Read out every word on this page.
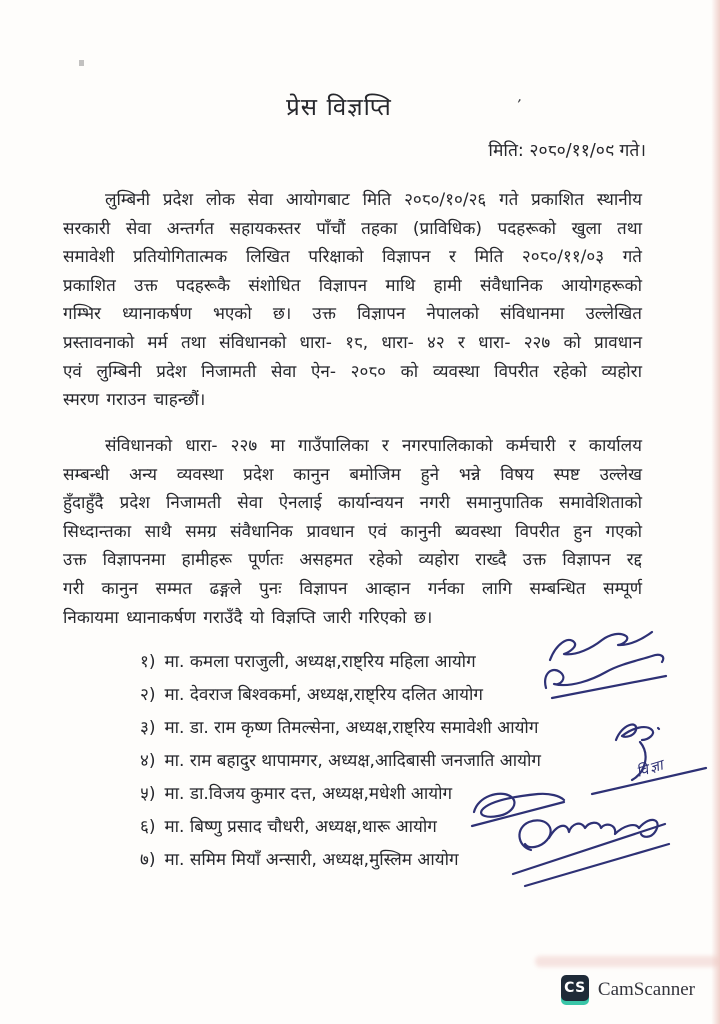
’
प्रेस विज्ञप्ति
मिति: २०८०/११/०९ गते।
लुम्बिनी प्रदेश लोक सेवा आयोगबाट मिति २०८०/१०/२६ गते प्रकाशित स्थानीय
सरकारी सेवा अन्तर्गत सहायकस्तर पाँचौं तहका (प्राविधिक) पदहरूको खुला तथा
समावेशी प्रतियोगितात्मक लिखित परिक्षाको विज्ञापन र मिति २०८०/११/०३ गते
प्रकाशित उक्त पदहरूकै संशोधित विज्ञापन माथि हामी संवैधानिक आयोगहरूको
गम्भिर ध्यानाकर्षण भएको छ। उक्त विज्ञापन नेपालको संविधानमा उल्लेखित
प्रस्तावनाको मर्म तथा संविधानको धारा- १८, धारा- ४२ र धारा- २२७ को प्रावधान
एवं लुम्बिनी प्रदेश निजामती सेवा ऐन- २०८० को व्यवस्था विपरीत रहेको व्यहोरा
स्मरण गराउन चाहन्छौं।
संविधानको धारा- २२७ मा गाउँपालिका र नगरपालिकाको कर्मचारी र कार्यालय
सम्बन्धी अन्य व्यवस्था प्रदेश कानुन बमोजिम हुने भन्ने विषय स्पष्ट उल्लेख
हुँदाहुँदै प्रदेश निजामती सेवा ऐनलाई कार्यान्वयन नगरी समानुपातिक समावेशिताको
सिध्दान्तका साथै समग्र संवैधानिक प्रावधान एवं कानुनी ब्यवस्था विपरीत हुन गएको
उक्त विज्ञापनमा हामीहरू पूर्णतः असहमत रहेको व्यहोरा राख्दै उक्त विज्ञापन रद्द
गरी कानुन सम्मत ढङ्गले पुनः विज्ञापन आव्हान गर्नका लागि सम्बन्धित सम्पूर्ण
निकायमा ध्यानाकर्षण गराउँदै यो विज्ञप्ति जारी गरिएको छ।
१) मा. कमला पराजुली, अध्यक्ष,राष्ट्रिय महिला आयोग
२) मा. देवराज बिश्वकर्मा, अध्यक्ष,राष्ट्रिय दलित आयोग
३) मा. डा. राम कृष्ण तिमल्सेना, अध्यक्ष,राष्ट्रिय समावेशी आयोग
४) मा. राम बहादुर थापामगर, अध्यक्ष,आदिबासी जनजाति आयोग
५) मा. डा.विजय कुमार दत्त, अध्यक्ष,मधेशी आयोग
६) मा. बिष्णु प्रसाद चौधरी, अध्यक्ष,थारू आयोग
७) मा. समिम मियाँ अन्सारी, अध्यक्ष,मुस्लिम आयोग
विज्ञा
CS CamScanner
